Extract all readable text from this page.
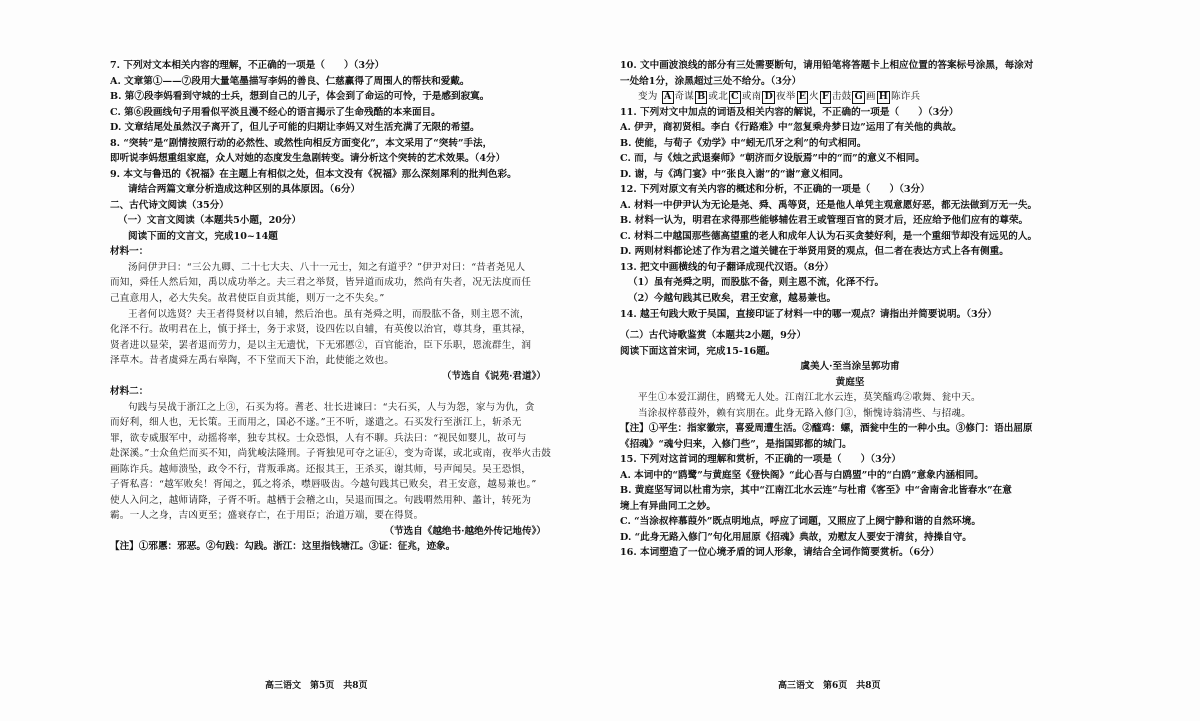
7. 下列对文本相关内容的理解，不正确的一项是（　　）（3分）
A. 文章第①——⑦段用大量笔墨描写李妈的善良、仁慈赢得了周围人的帮扶和爱戴。
B. 第⑦段李妈看到守城的士兵，想到自己的儿子，体会到了命运的可怜，于是感到寂寞。
C. 第⑥段画线句子用看似平淡且漫不经心的语言揭示了生命残酷的本来面目。
D. 文章结尾处虽然汉子离开了，但儿子可能的归期让李妈又对生活充满了无限的希望。
8. “突转”是“剧情按照行动的必然性、或然性向相反方面变化”，本文采用了“突转”手法，
即听说李妈想重组家庭，众人对她的态度发生急剧转变。请分析这个突转的艺术效果。（4分）
9. 本文与鲁迅的《祝福》在主题上有相似之处，但本文没有《祝福》那么深刻犀利的批判色彩。
请结合两篇文章分析造成这种区别的具体原因。（6分）
二、古代诗文阅读（35分）
（一）文言文阅读（本题共5小题，20分）
阅读下面的文言文，完成10~14题
材料一：
汤问伊尹曰：“三公九卿、二十七大夫、八十一元士，知之有道乎？”伊尹对曰：“昔者尧见人
而知，舜任人然后知，禹以成功举之。夫三君之举贤，皆异道而成功，然尚有失者，况无法度而任
己直意用人，必大失矣。故君使臣自贡其能，则万一之不失矣。”
王者何以选贤？夫王者得贤材以自辅，然后治也。虽有尧舜之明，而股肱不备，则主恩不流，
化泽不行。故明君在上，慎于择士，务于求贤，设四佐以自辅，有英俊以治官，尊其身，重其禄，
贤者进以显荣，罢者退而劳力，是以主无遗忧，下无邪慝②，百官能治，臣下乐职，恩流群生，润
泽草木。昔者虞舜左禹右皋陶，不下堂而天下治，此使能之效也。
（节选自《说苑·君道》）
材料二：
句践与吴战于浙江之上③，石买为将。耆老、壮长进谏曰：“夫石买，人与为怨，家与为仇，贪
而好利，细人也，无长策。王而用之，国必不遂。”王不听，遂遣之。石买发行至浙江上，斩杀无
罪，欲专威服军中，动摇将率，独专其权。士众恐惧，人有不聊。兵法曰：“视民如婴儿，故可与
赴深溪。”士众鱼烂而买不知，尚犹峻法隆刑。子胥独见可夺之证④，变为奇谋，或北或南，夜举火击鼓
画陈诈兵。越师溃坠，政令不行，背叛乖离。还报其王，王杀买，谢其师，号声闻吴。吴王恐惧，
子胥私喜：“越军败矣！胥闻之，狐之将杀，噤唇吸齿。今越句践其已败矣，君王安意，越易兼也。”
使人入问之，越师请降，子胥不听。越栖于会稽之山，吴退而围之。句践喟然用种、蠡计，转死为
霸。一人之身，吉凶更至；盛衰存亡，在于用臣；治道万端，要在得贤。
（节选自《越绝书·越绝外传记地传》）
【注】①邪慝：邪恶。②句践：勾践。浙江：这里指钱塘江。③证：征兆，迹象。
高三语文　第5页　共8页
10. 文中画波浪线的部分有三处需要断句，请用铅笔将答题卡上相应位置的答案标号涂黑，每涂对
一处给1分，涂黑超过三处不给分。（3分）
变为 A 奇谋 B 或北 C 或南 D 夜举 E 火 F 击鼓 G 画 H 陈诈兵
11. 下列对文中加点的词语及相关内容的解说，不正确的一项是（　　）（3分）
A. 伊尹，商初贤相。李白《行路难》中“忽复乘舟梦日边”运用了有关他的典故。
B. 使能，与荀子《劝学》中“蚓无爪牙之利”的句式相同。
C. 而，与《烛之武退秦师》“朝济而夕设版焉”中的“而”的意义不相同。
D. 谢，与《鸿门宴》中“张良入谢”的“谢”意义相同。
12. 下列对原文有关内容的概述和分析，不正确的一项是（　　）（3分）
A. 材料一中伊尹认为无论是尧、舜、禹等贤，还是他人单凭主观意愿好恶，都无法做到万无一失。
B. 材料一认为，明君在求得那些能够辅佐君王或管理百官的贤才后，还应给予他们应有的尊荣。
C. 材料二中越国那些德高望重的老人和成年人认为石买贪婪好利，是一个重细节却没有远见的人。
D. 两则材料都论述了作为君之道关键在于举贤用贤的观点，但二者在表达方式上各有侧重。
13. 把文中画横线的句子翻译成现代汉语。（8分）
（1）虽有尧舜之明，而股肱不备，则主恩不流，化泽不行。
（2）今越句践其已败矣，君王安意，越易兼也。
14. 越王句践大败于吴国，直接印证了材料一中的哪一观点？请指出并简要说明。（3分）
（二）古代诗歌鉴赏（本题共2小题，9分）
阅读下面这首宋词，完成15-16题。
虞美人·至当涂呈郭功甫
黄庭坚
平生①本爱江湖住，鸥鹭无人处。江南江北水云连，莫笑醯鸡②歌舞、瓮中天。
当涂叔梓慕葭外，赖有宾朋在。此身无路入修门③，惭愧诗翁清些、与招魂。
【注】①平生：指家徽宗，喜爱周遭生活。②醯鸡：螺，酒瓮中生的一种小虫。③修门：语出屈原
《招魂》“魂兮归来，入修门些”，是指国郢都的城门。
15. 下列对这首词的理解和赏析，不正确的一项是（　　）（3分）
A. 本词中的“鸥鹭”与黄庭坚《登快阁》“此心吾与白鸥盟”中的“白鸥”意象内涵相同。
B. 黄庭坚写词以杜甫为宗，其中“江南江北水云连”与杜甫《客至》中“舍南舍北皆春水”在意
境上有异曲同工之妙。
C. “当涂叔梓慕葭外”既点明地点，呼应了词题，又照应了上阕宁静和谐的自然环境。
D. “此身无路入修门”句化用屈原《招魂》典故，劝慰友人要安于清贫，持操自守。
16. 本词塑造了一位心境矛盾的词人形象，请结合全词作简要赏析。（6分）
高三语文　第6页　共8页
